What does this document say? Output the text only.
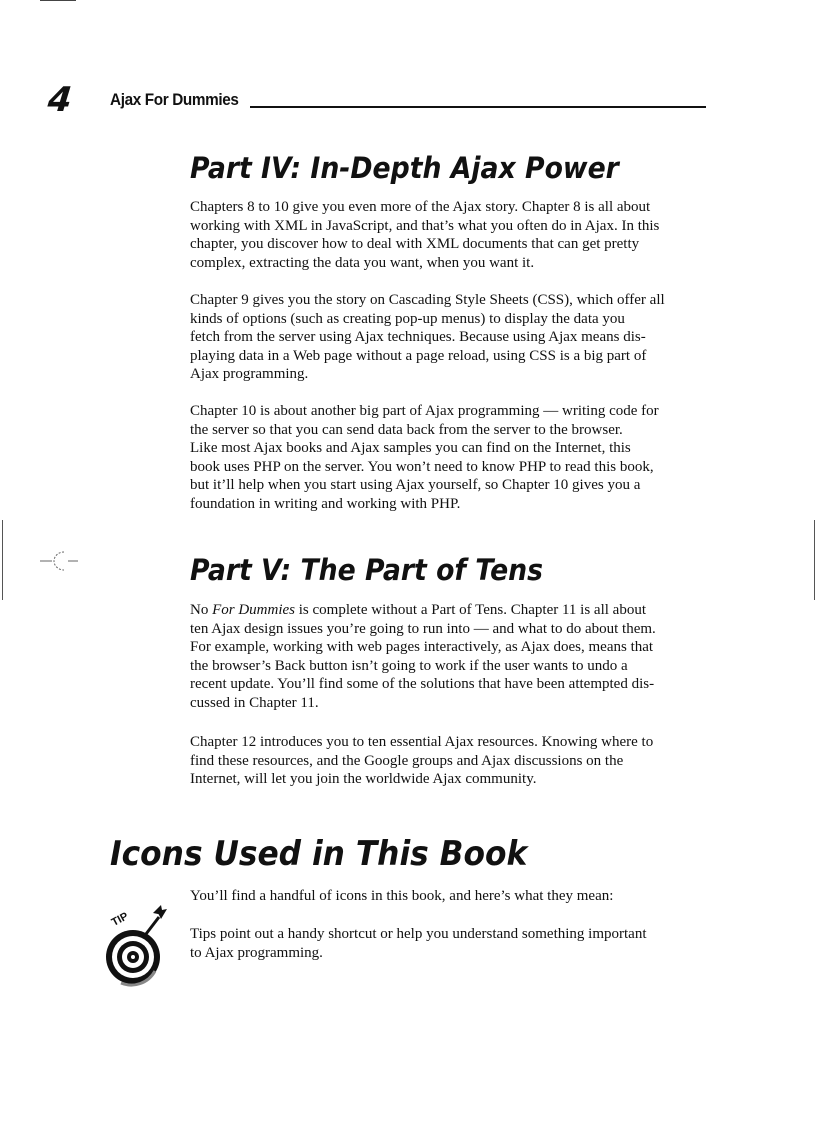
4 Ajax For Dummies
Part IV: In-Depth Ajax Power

Chapters 8 to 10 give you even more of the Ajax story. Chapter 8 is all about
working with XML in JavaScript, and that’s what you often do in Ajax. In this
chapter, you discover how to deal with XML documents that can get pretty
complex, extracting the data you want, when you want it.

Chapter 9 gives you the story on Cascading Style Sheets (CSS), which offer all
kinds of options (such as creating pop-up menus) to display the data you
fetch from the server using Ajax techniques. Because using Ajax means dis-
playing data in a Web page without a page reload, using CSS is a big part of
Ajax programming.

Chapter 10 is about another big part of Ajax programming — writing code for
the server so that you can send data back from the server to the browser.
Like most Ajax books and Ajax samples you can find on the Internet, this
book uses PHP on the server. You won’t need to know PHP to read this book,
but it’ll help when you start using Ajax yourself, so Chapter 10 gives you a
foundation in writing and working with PHP.

Part V: The Part of Tens

No For Dummies is complete without a Part of Tens. Chapter 11 is all about
ten Ajax design issues you’re going to run into — and what to do about them.
For example, working with web pages interactively, as Ajax does, means that
the browser’s Back button isn’t going to work if the user wants to undo a
recent update. You’ll find some of the solutions that have been attempted dis-
cussed in Chapter 11.

Chapter 12 introduces you to ten essential Ajax resources. Knowing where to
find these resources, and the Google groups and Ajax discussions on the
Internet, will let you join the worldwide Ajax community.

Icons Used in This Book

You’ll find a handful of icons in this book, and here’s what they mean:

TIP

Tips point out a handy shortcut or help you understand something important
to Ajax programming.
